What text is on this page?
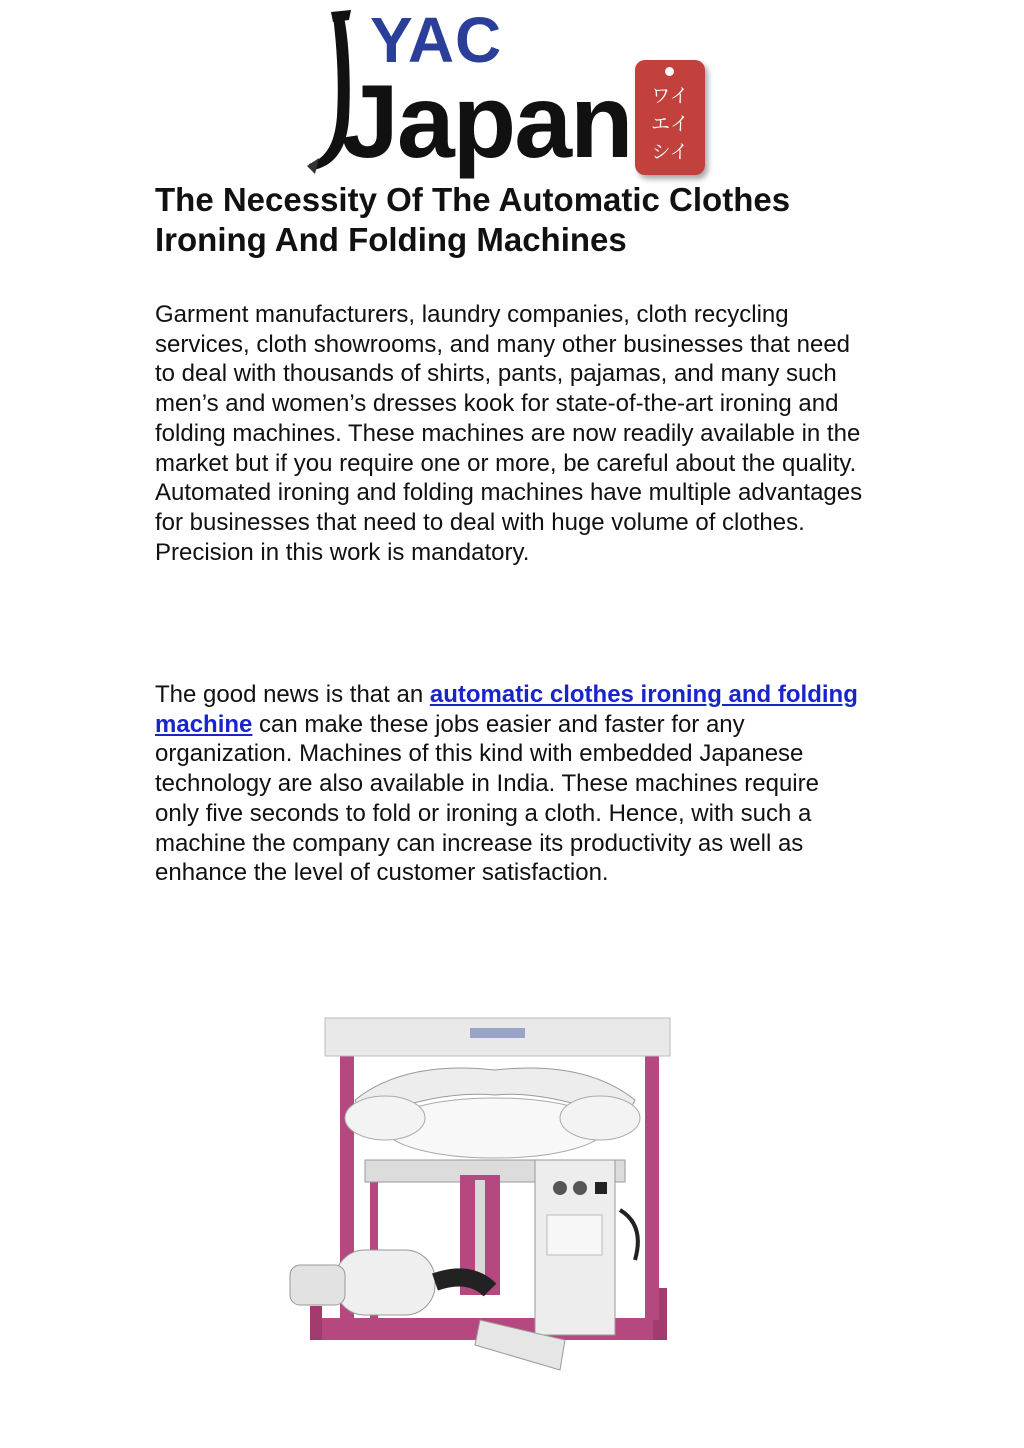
YAC
Japan	ワイ
エイ
シイ
The Necessity Of The Automatic Clothes Ironing And Folding Machines

Garment manufacturers, laundry companies, cloth recycling services, cloth showrooms, and many other businesses that need to deal with thousands of shirts, pants, pajamas, and many such men’s and women’s dresses kook for state-of-the-art ironing and folding machines. These machines are now readily available in the market but if you require one or more, be careful about the quality. Automated ironing and folding machines have multiple advantages for businesses that need to deal with huge volume of clothes. Precision in this work is mandatory.

The good news is that an automatic clothes ironing and folding machine can make these jobs easier and faster for any organization. Machines of this kind with embedded Japanese technology are also available in India. These machines require only five seconds to fold or ironing a cloth. Hence, with such a machine the company can increase its productivity as well as enhance the level of customer satisfaction.
